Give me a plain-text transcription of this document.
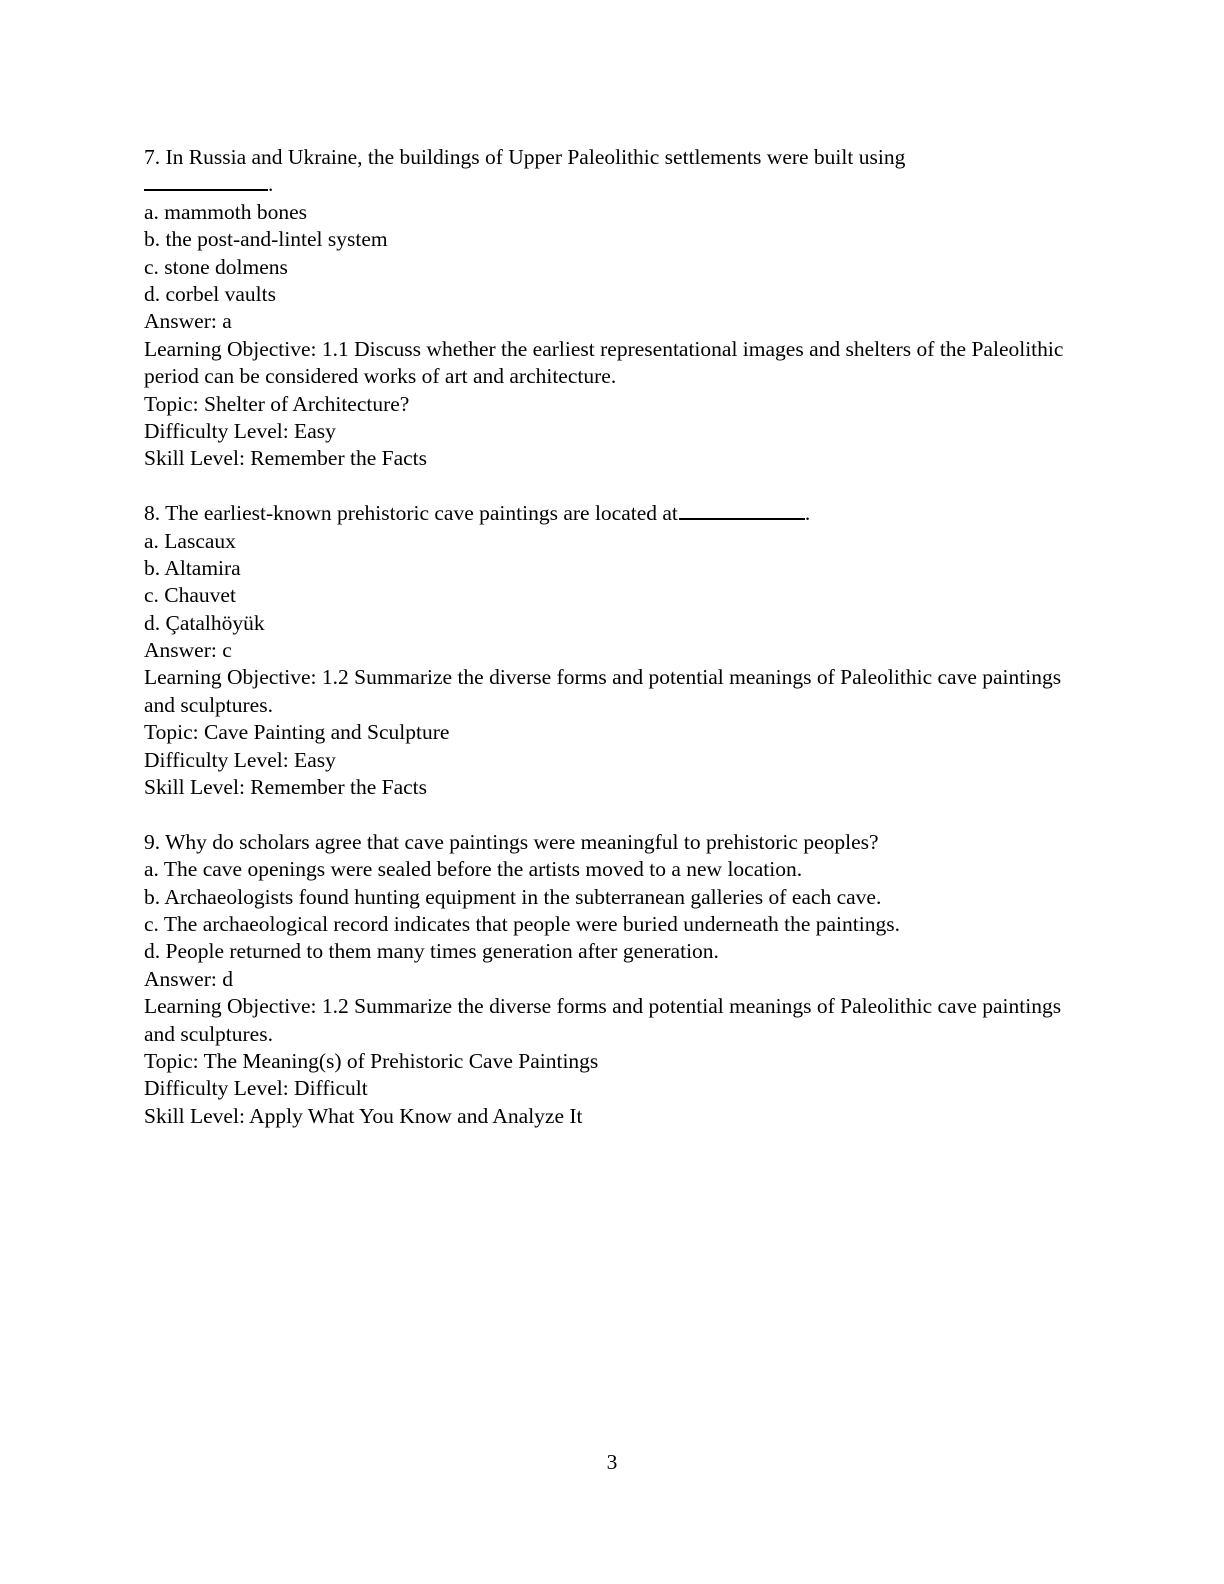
7. In Russia and Ukraine, the buildings of Upper Paleolithic settlements were built using
.
a. mammoth bones
b. the post-and-lintel system
c. stone dolmens
d. corbel vaults
Answer: a
Learning Objective: 1.1 Discuss whether the earliest representational images and shelters of the Paleolithic period can be considered works of art and architecture.
Topic: Shelter of Architecture?
Difficulty Level: Easy
Skill Level: Remember the Facts
8. The earliest-known prehistoric cave paintings are located at	.
a. Lascaux
b. Altamira
c. Chauvet
d. Çatalhöyük
Answer: c
Learning Objective: 1.2 Summarize the diverse forms and potential meanings of Paleolithic cave paintings and sculptures.
Topic: Cave Painting and Sculpture
Difficulty Level: Easy
Skill Level: Remember the Facts
9. Why do scholars agree that cave paintings were meaningful to prehistoric peoples?
a. The cave openings were sealed before the artists moved to a new location.
b. Archaeologists found hunting equipment in the subterranean galleries of each cave.
c. The archaeological record indicates that people were buried underneath the paintings.
d. People returned to them many times generation after generation.
Answer: d
Learning Objective: 1.2 Summarize the diverse forms and potential meanings of Paleolithic cave paintings and sculptures.
Topic: The Meaning(s) of Prehistoric Cave Paintings
Difficulty Level: Difficult
Skill Level: Apply What You Know and Analyze It
3
